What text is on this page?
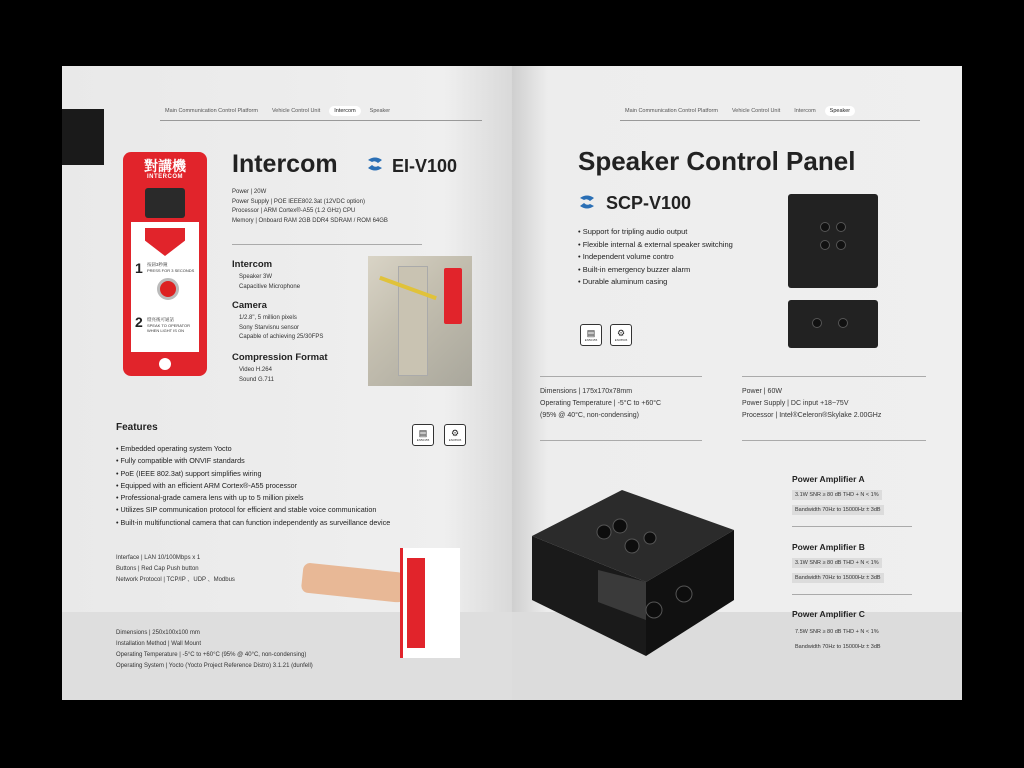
Main Communication Control Platform	Vehicle Control Unit	Intercom	Speaker
對講機
INTERCOM
1 按鈕3秒鐘
PRESS FOR 3 SECONDS
2 燈亮後可通話
SPEAK TO OPERATOR WHEN LIGHT IS ON
Intercom	EI-V100
Power | 20W
Power Supply | POE IEEE802.3at (12VDC option)
Processor | ARM Cortex®-A55 (1.2 GHz) CPU
Memory | Onboard RAM 2GB DDR4 SDRAM / ROM 64GB
Intercom
Speaker 3W
Capacitive Microphone
Camera
1/2.8", 5 million pixels
Sony Starvisnu sensor
Capable of achieving 25/30FPS
Compression Format
Video H.264
Sound G.711
Features	▤
EN50155
⚙
EN45545
• Embedded operating system Yocto
• Fully compatible with ONVIF standards
• PoE (IEEE 802.3at) support simplifies wiring
• Equipped with an efficient ARM Cortex®-A55 processor
• Professional-grade camera lens with up to 5 million pixels
• Utilizes SIP communication protocol for efficient and stable voice communication
• Built-in multifunctional camera that can function independently as surveillance device
Interface | LAN 10/100Mbps x 1
Buttons | Red Cap Push button
Network Protocol | TCP/IP 、UDP 、Modbus
Dimensions | 250x100x100 mm
Installation Method | Wall Mount
Operating Temperature | -5°C to +60°C (95% @ 40°C, non-condensing)
Operating System | Yocto (Yocto Project Reference Distro) 3.1.21 (dunfell)
Main Communication Control Platform	Vehicle Control Unit	Intercom	Speaker
Speaker Control Panel
SCP-V100
• Support for tripling audio output
• Flexible internal & external speaker switching
• Independent volume contro
• Built-in emergency buzzer alarm
• Durable aluminum casing
▤
EN50155
⚙
EN45545
Dimensions | 175x170x78mm
Operating Temperature | -5°C to +60°C
(95% @ 40°C, non-condensing)
Power | 60W
Power Supply | DC input +18~75V
Processor | Intel®Celeron®Skylake 2.00GHz
Power Amplifier A
3.1W SNR ≥ 80 dB THD + N < 1%
Bandwidth 70Hz to 15000Hz ± 3dB
Power Amplifier B
3.1W SNR ≥ 80 dB THD + N < 1%
Bandwidth 70Hz to 15000Hz ± 3dB
Power Amplifier C
7.5W SNR ≥ 80 dB THD + N < 1%
Bandwidth 70Hz to 15000Hz ± 3dB
